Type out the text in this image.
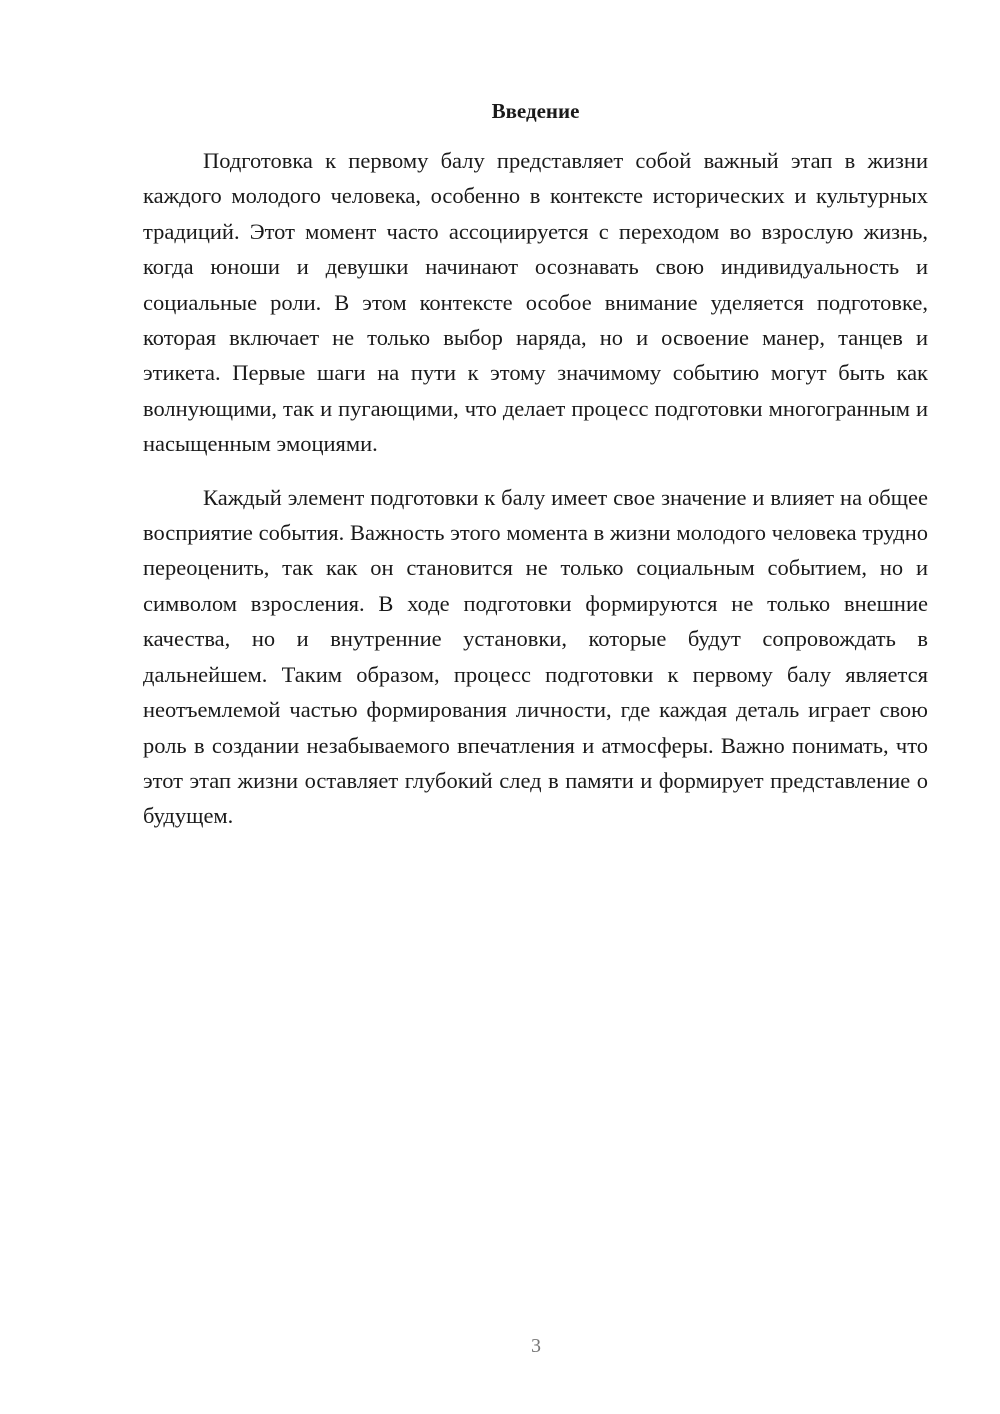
Введение

Подготовка к первому балу представляет собой важный этап в жизни каждого молодого человека, особенно в контексте исторических и культурных традиций. Этот момент часто ассоциируется с переходом во взрослую жизнь, когда юноши и девушки начинают осознавать свою индивидуальность и социальные роли. В этом контексте особое внимание уделяется подготовке, которая включает не только выбор наряда, но и освоение манер, танцев и этикета. Первые шаги на пути к этому значимому событию могут быть как волнующими, так и пугающими, что делает процесс подготовки многогранным и насыщенным эмоциями.

Каждый элемент подготовки к балу имеет свое значение и влияет на общее восприятие события. Важность этого момента в жизни молодого человека трудно переоценить, так как он становится не только социальным событием, но и символом взросления. В ходе подготовки формируются не только внешние качества, но и внутренние установки, которые будут сопровождать в дальнейшем. Таким образом, процесс подготовки к первому балу является неотъемлемой частью формирования личности, где каждая деталь играет свою роль в создании незабываемого впечатления и атмосферы. Важно понимать, что этот этап жизни оставляет глубокий след в памяти и формирует представление о будущем.

3
